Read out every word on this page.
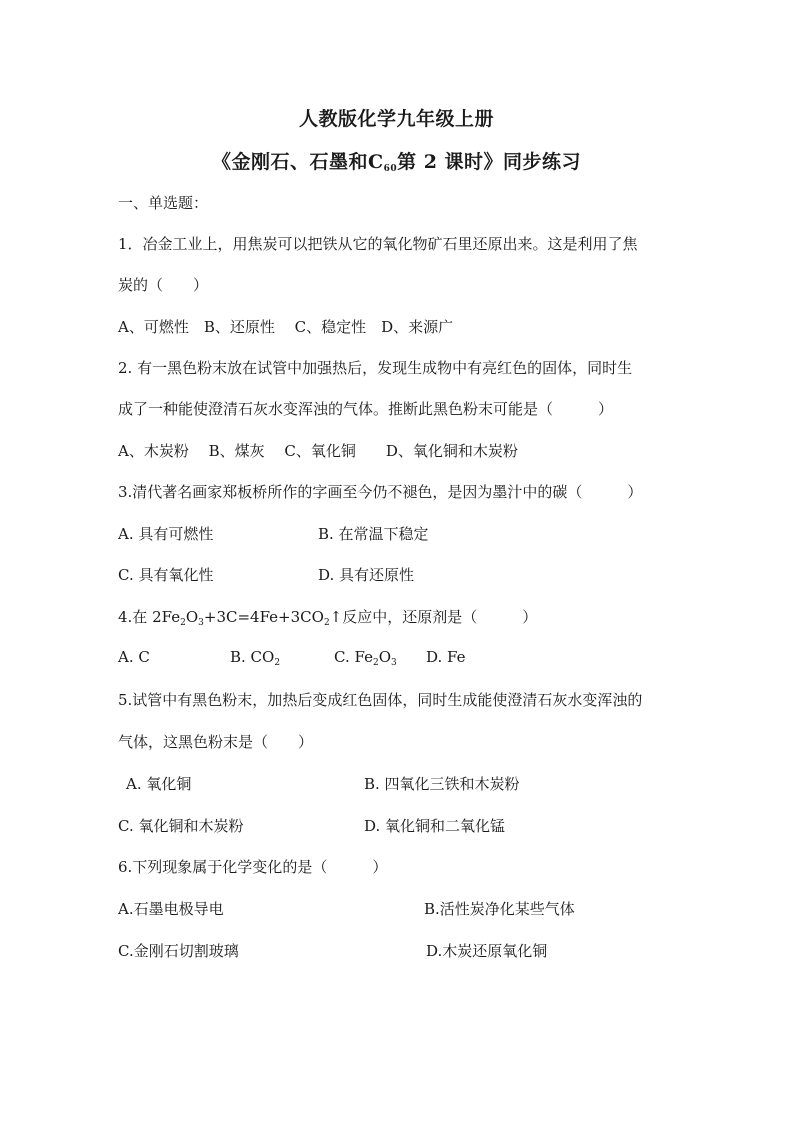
人教版化学九年级上册
《金刚石、石墨和$C_{60}$第 2 课时》同步练习
一、单选题：
1．冶金工业上，用焦炭可以把铁从它的氧化物矿石里还原出来。这是利用了焦
炭的（　　）
A、可燃性　B、还原性　 C、稳定性　D、来源广
2. 有一黑色粉末放在试管中加强热后，发现生成物中有亮红色的固体，同时生
成了一种能使澄清石灰水变浑浊的气体。推断此黑色粉末可能是（　　　）
A、木炭粉　 B、煤灰　 C、氧化铜　　D、氧化铜和木炭粉
3.清代著名画家郑板桥所作的字画至今仍不褪色，是因为墨汁中的碳（　　　）
A. 具有可燃性	B. 在常温下稳定
C. 具有氧化性	D. 具有还原性
4.在 $2Fe_2O_3+3C=4Fe+3CO_2↑$反应中，还原剂是（　　　）
A. C	B. $CO_2$	C. $Fe_2O_3$ D. Fe
5.试管中有黑色粉末，加热后变成红色固体，同时生成能使澄清石灰水变浑浊的
气体，这黑色粉末是（　　）
A. 氧化铜	B. 四氧化三铁和木炭粉
C. 氧化铜和木炭粉	D. 氧化铜和二氧化锰
6.下列现象属于化学变化的是（　　　）
A.石墨电极导电	B.活性炭净化某些气体
C.金刚石切割玻璃	D.木炭还原氧化铜
